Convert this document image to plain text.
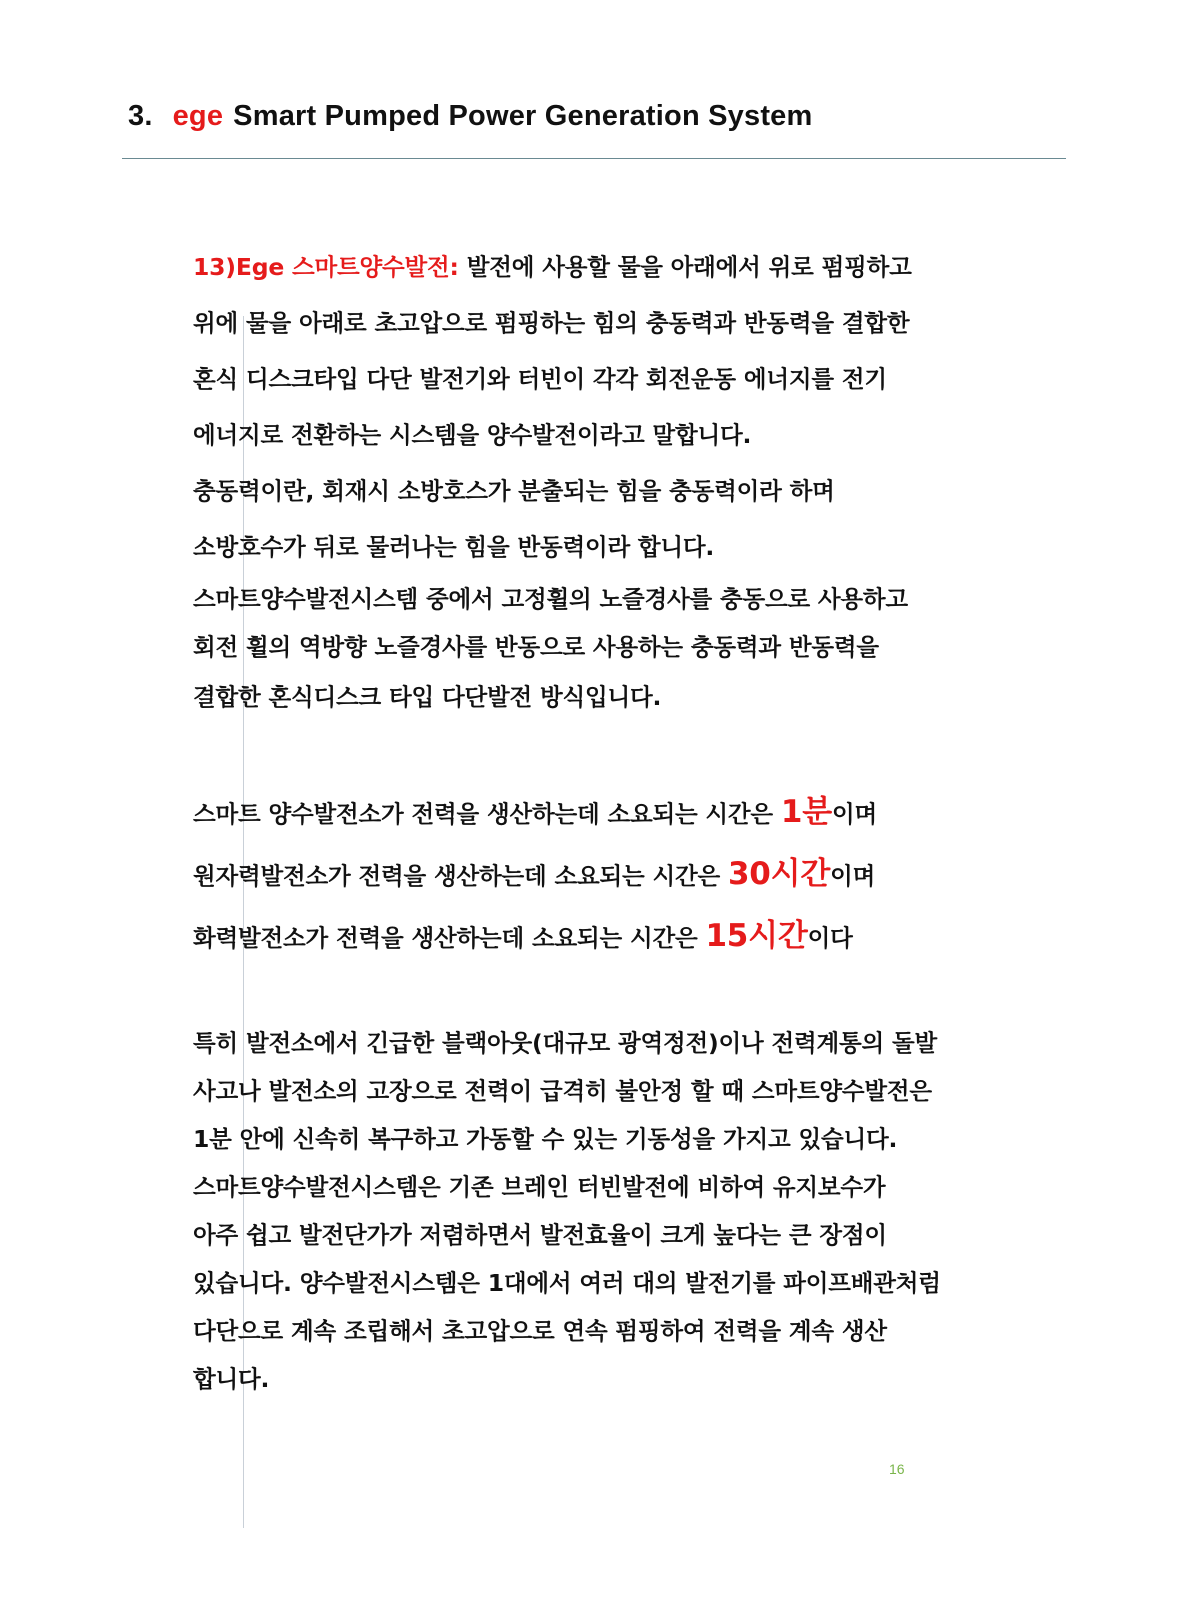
3. ege Smart Pumped Power Generation System
13)Ege 스마트양수발전: 발전에 사용할 물을 아래에서 위로 펌핑하고
위에 물을 아래로 초고압으로 펌핑하는 힘의 충동력과 반동력을 결합한
혼식 디스크타입 다단 발전기와 터빈이 각각 회전운동 에너지를 전기
에너지로 전환하는 시스템을 양수발전이라고 말합니다.
충동력이란, 회재시 소방호스가 분출되는 힘을 충동력이라 하며
소방호수가 뒤로 물러나는 힘을 반동력이라 합니다.
스마트양수발전시스템 중에서 고정휠의 노즐경사를 충동으로 사용하고
회전 휠의 역방향 노즐경사를 반동으로 사용하는 충동력과 반동력을
결합한 혼식디스크 타입 다단발전 방식입니다.
스마트 양수발전소가 전력을 생산하는데 소요되는 시간은 1분이며
원자력발전소가 전력을 생산하는데 소요되는 시간은 30시간이며
화력발전소가 전력을 생산하는데 소요되는 시간은 15시간이다
특히 발전소에서 긴급한 블랙아웃(대규모 광역정전)이나 전력계통의 돌발
사고나 발전소의 고장으로 전력이 급격히 불안정 할 때 스마트양수발전은
1분 안에 신속히 복구하고 가동할 수 있는 기동성을 가지고 있습니다.
스마트양수발전시스템은 기존 브레인 터빈발전에 비하여 유지보수가
아주 쉽고 발전단가가 저렴하면서 발전효율이 크게 높다는 큰 장점이
있습니다. 양수발전시스템은 1대에서 여러 대의 발전기를 파이프배관처럼
다단으로 계속 조립해서 초고압으로 연속 펌핑하여 전력을 계속 생산
합니다.
16
